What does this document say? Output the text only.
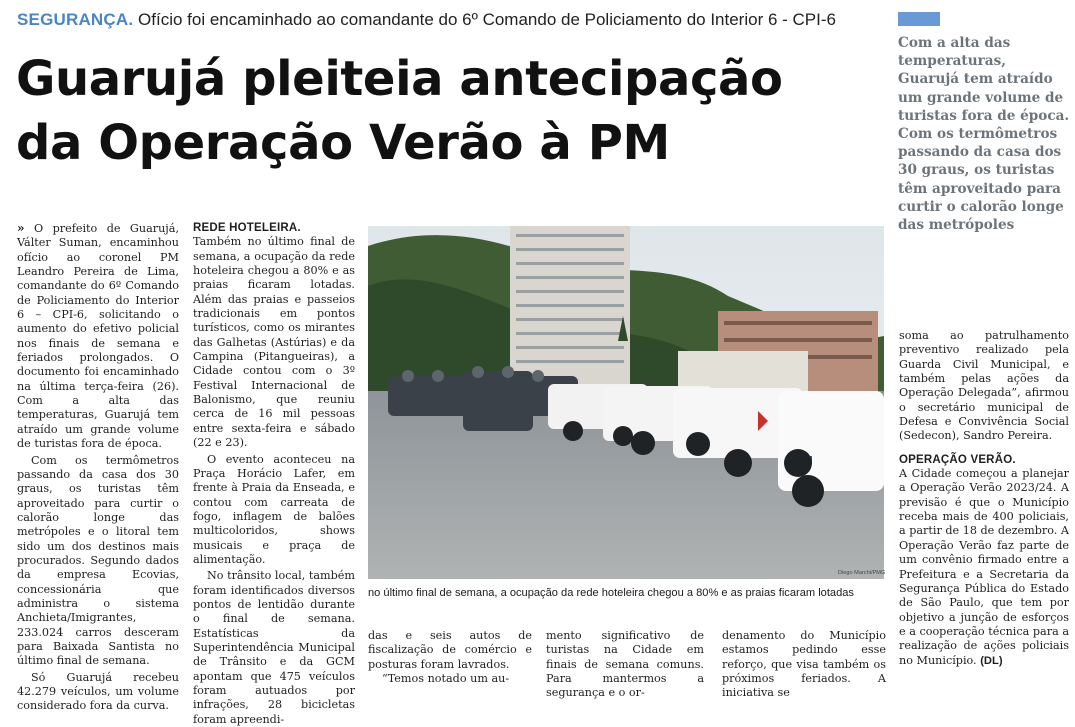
SEGURANÇA. Ofício foi encaminhado ao comandante do 6º Comando de Policiamento do Interior 6 - CPI-6
Guarujá pleiteia antecipação
da Operação Verão à PM
Com a alta das temperaturas, Guarujá tem atraído um grande volume de turistas fora de época. Com os termômetros passando da casa dos 30 graus, os turistas têm aproveitado para curtir o calorão longe das metrópoles

» O prefeito de Guarujá, Válter Suman, encaminhou ofício ao coronel PM Leandro Pereira de Lima, comandante do 6º Comando de Policiamento do Interior 6 – CPI-6, solicitando o aumento do efetivo policial nos finais de semana e feriados prolongados. O documento foi encaminhado na última terça-feira (26). Com a alta das temperaturas, Guarujá tem atraído um grande volume de turistas fora de época.

Com os termômetros passando da casa dos 30 graus, os turistas têm aproveitado para curtir o calorão longe das metrópoles e o litoral tem sido um dos destinos mais procurados. Segundo dados da empresa Ecovias, concessionária que administra o sistema Anchieta/Imigrantes, 233.024 carros desceram para Baixada Santista no último final de semana.

Só Guarujá recebeu 42.279 veículos, um volume considerado fora da curva.

REDE HOTELEIRA.

Também no último final de semana, a ocupação da rede hoteleira chegou a 80% e as praias ficaram lotadas. Além das praias e passeios tradicionais em pontos turísticos, como os mirantes das Galhetas (Astúrias) e da Campina (Pitangueiras), a Cidade contou com o 3º Festival Internacional de Balonismo, que reuniu cerca de 16 mil pessoas entre sexta-feira e sábado (22 e 23).

O evento aconteceu na Praça Horácio Lafer, em frente à Praia da Enseada, e contou com carreata de fogo, inflagem de balões multicoloridos, shows musicais e praça de alimentação.

No trânsito local, também foram identificados diversos pontos de lentidão durante o final de semana. Estatísticas da Superintendência Municipal de Trânsito e da GCM apontam que 475 veículos foram autuados por infrações, 28 bicicletas foram apreendi-

Diego Marchi/PMG
no último final de semana, a ocupação da rede hoteleira chegou a 80% e as praias ficaram lotadas
das e seis autos de fiscalização de comércio e posturas foram lavrados.
“Temos notado um au-
mento significativo de turistas na Cidade em finais de semana comuns. Para mantermos a segurança e o or-
denamento do Município estamos pedindo esse reforço, que visa também os próximos feriados. A iniciativa se

soma ao patrulhamento preventivo realizado pela Guarda Civil Municipal, e também pelas ações da Operação Delegada”, afirmou o secretário municipal de Defesa e Convivência Social (Sedecon), Sandro Pereira.

OPERAÇÃO VERÃO.

A Cidade começou a planejar a Operação Verão 2023/24. A previsão é que o Município receba mais de 400 policiais, a partir de 18 de dezembro. A Operação Verão faz parte de um convênio firmado entre a Prefeitura e a Secretaria da Segurança Pública do Estado de São Paulo, que tem por objetivo a junção de esforços e a cooperação técnica para a realização de ações policiais no Município. (DL)
